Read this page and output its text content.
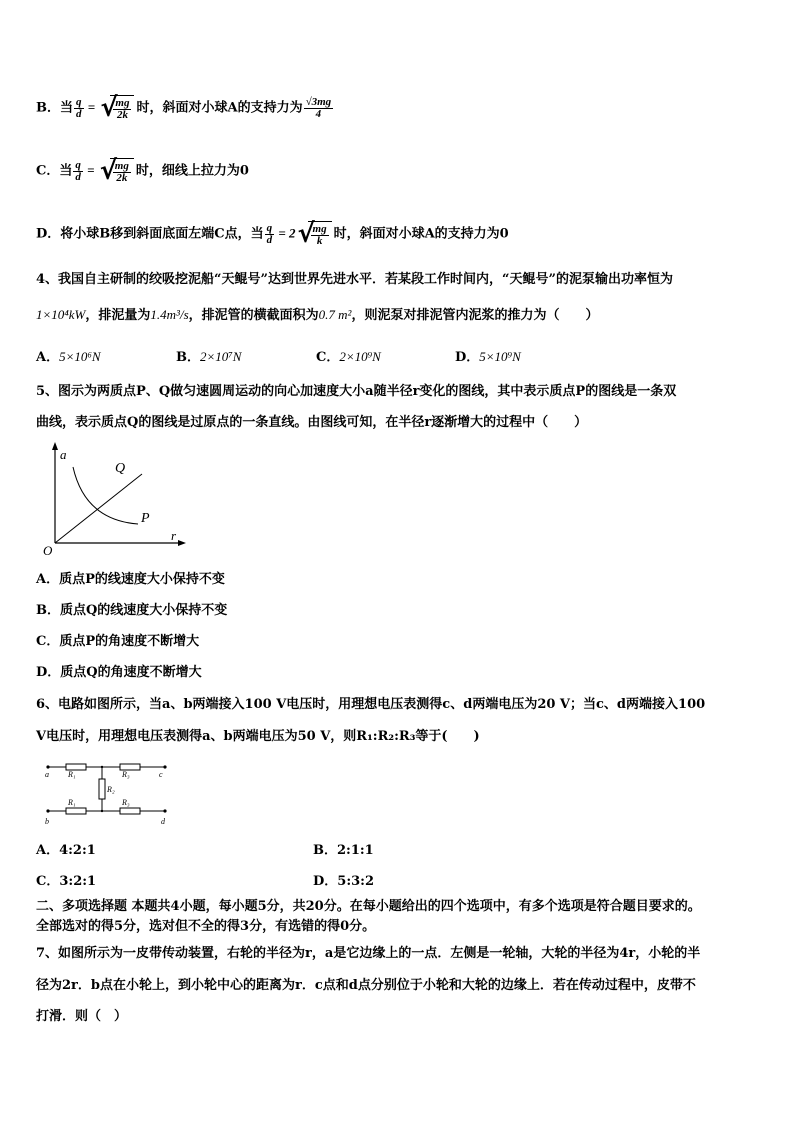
B．当 $\frac{q}{d}$ = √
$\frac{mg}{2k}$ 时，斜面对小球A的支持力为 $\frac{√3mg}{4}$
C．当 $\frac{q}{d}$ = √
$\frac{mg}{2k}$ 时，细线上拉力为0
D．将小球B移到斜面底面左端C点，当 $\frac{q}{d} = 2$ √
$\frac{mg}{k}$ 时，斜面对小球A的支持力为0
4、我国自主研制的绞吸挖泥船“天鲲号”达到世界先进水平．若某段工作时间内，“天鲲号”的泥泵输出功率恒为
1×10⁴kW，排泥量为1.4m³/s，排泥管的横截面积为0.7 m²，则泥泵对排泥管内泥浆的推力为（　　）
A．5×10⁶N	B．2×10⁷N	C．2×10⁹N	D．5×10⁹N
5、图示为两质点P、Q做匀速圆周运动的向心加速度大小a随半径r变化的图线，其中表示质点P的图线是一条双
曲线，表示质点Q的图线是过原点的一条直线。由图线可知，在半径r逐渐增大的过程中（　　）
a
r
O
Q
P
A．质点P的线速度大小保持不变
B．质点Q的线速度大小保持不变
C．质点P的角速度不断增大
D．质点Q的角速度不断增大
6、电路如图所示，当a、b两端接入100 V电压时，用理想电压表测得c、d两端电压为20 V；当c、d两端接入100
V电压时，用理想电压表测得a、b两端电压为50 V，则R₁:R₂:R₃等于(　　)
a	c
b	d
R₁	R₃
R₂
R₁	R₃
A．4:2:1	B．2:1:1
C．3:2:1	D．5:3:2
二、多项选择题 本题共4小题，每小题5分，共20分。在每小题给出的四个选项中，有多个选项是符合题目要求的。
全部选对的得5分，选对但不全的得3分，有选错的得0分。
7、如图所示为一皮带传动装置，右轮的半径为r，a是它边缘上的一点．左侧是一轮轴，大轮的半径为4r，小轮的半
径为2r．b点在小轮上，到小轮中心的距离为r．c点和d点分别位于小轮和大轮的边缘上．若在传动过程中，皮带不
打滑．则（　）
